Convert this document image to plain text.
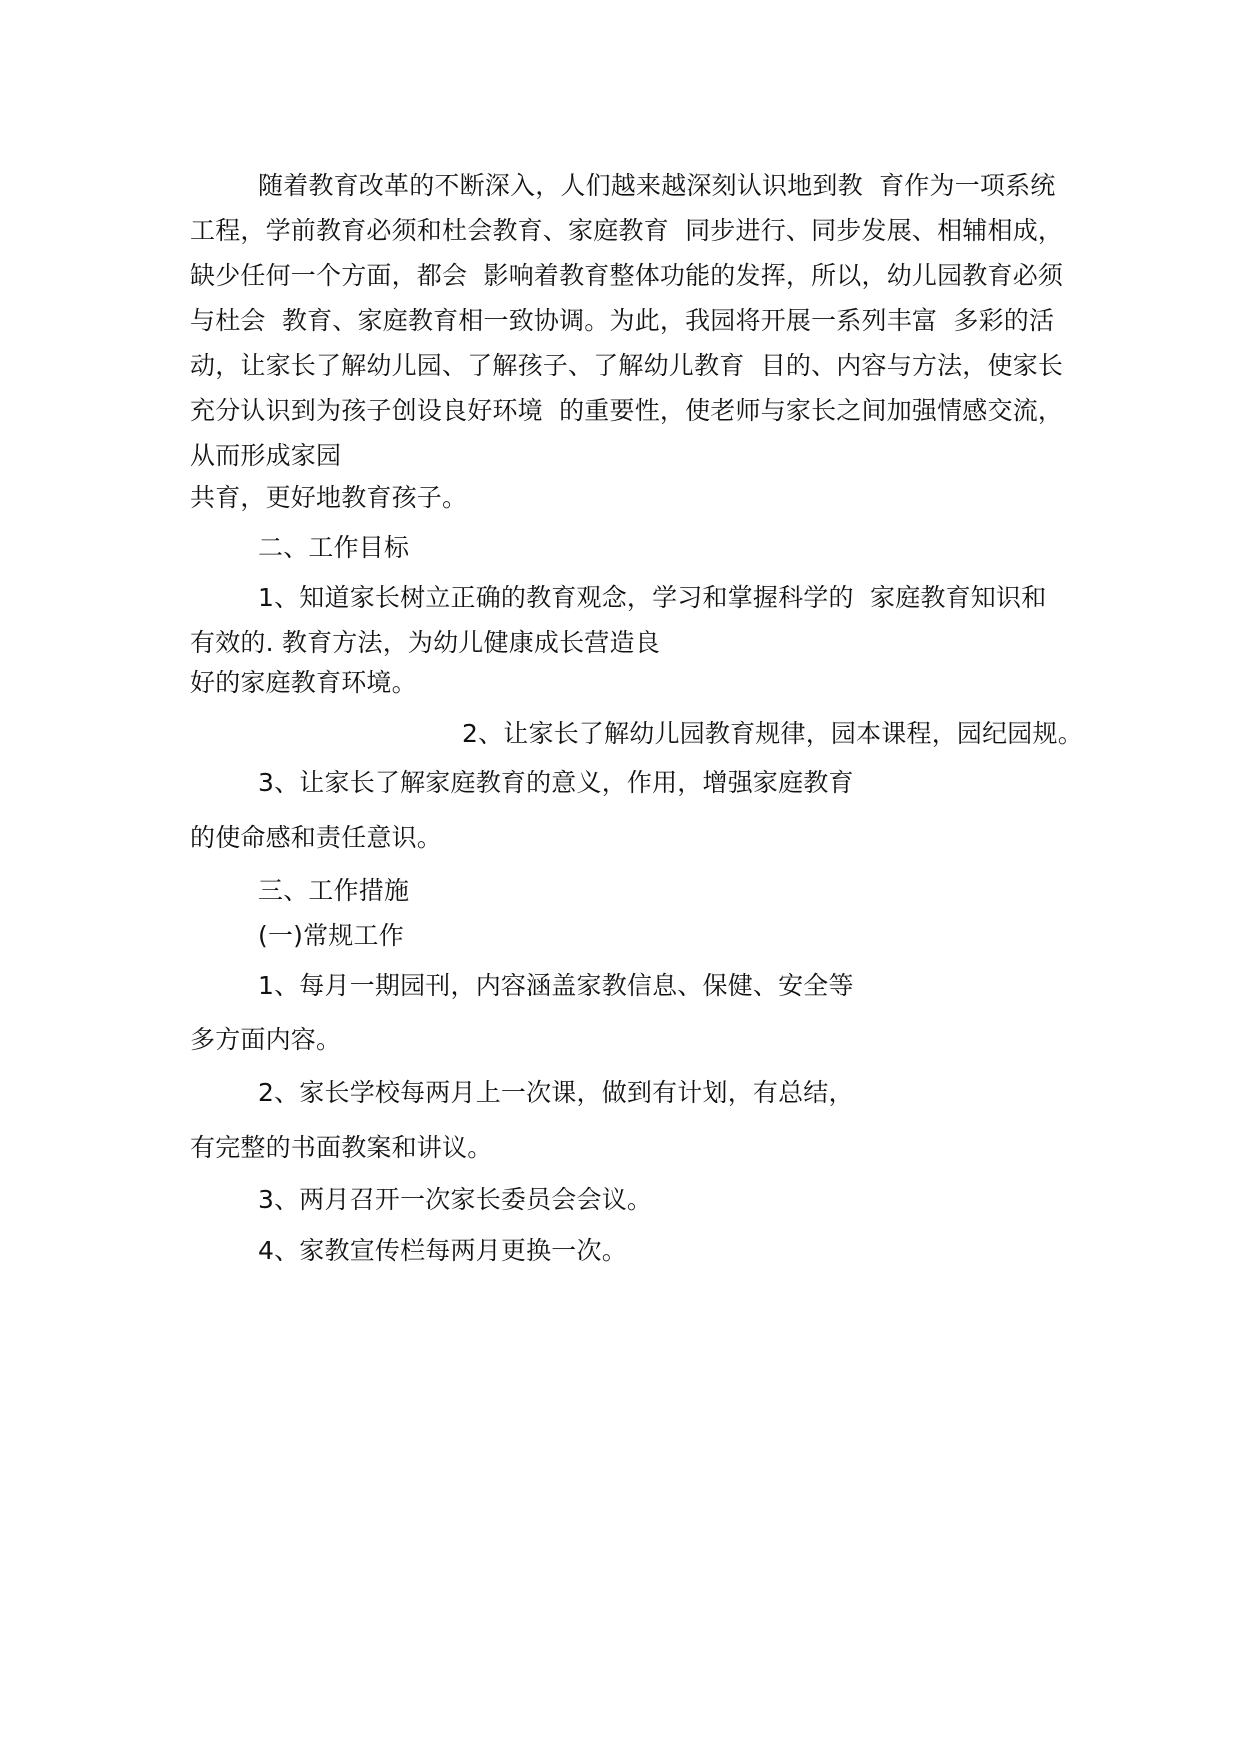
随着教育改革的不断深入，人们越来越深刻认识地到教  育作为一项系统
工程，学前教育必须和杜会教育、家庭教育  同步进行、同步发展、相辅相成，
缺少任何一个方面，都会  影响着教育整体功能的发挥，所以，幼儿园教育必须
与杜会  教育、家庭教育相一致协调。为此，我园将开展一系列丰富  多彩的活
动，让家长了解幼儿园、了解孩子、了解幼儿教育  目的、内容与方法，使家长
充分认识到为孩子创设良好环境  的重要性，使老师与家长之间加强情感交流，
从而形成家园
共育，更好地教育孩子。
二、工作目标
1、知道家长树立正确的教育观念，学习和掌握科学的  家庭教育知识和
有效的. 教育方法，为幼儿健康成长营造良
好的家庭教育环境。
2、让家长了解幼儿园教育规律，园本课程，园纪园规。
3、让家长了解家庭教育的意义，作用，增强家庭教育
的使命感和责任意识。
三、工作措施
(一)常规工作
1、每月一期园刊，内容涵盖家教信息、保健、安全等
多方面内容。
2、家长学校每两月上一次课，做到有计划，有总结，
有完整的书面教案和讲议。
3、两月召开一次家长委员会会议。
4、家教宣传栏每两月更换一次。
